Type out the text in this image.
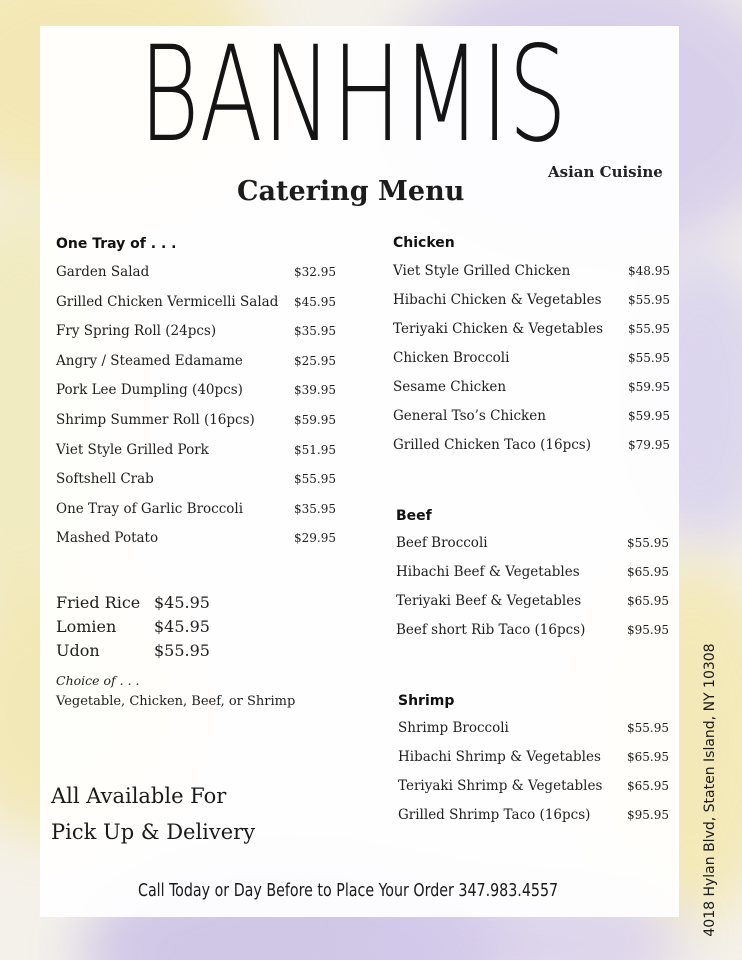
BANHMIS
Asian Cuisine
Catering Menu
One Tray of . . .
Garden Salad	$32.95
Grilled Chicken Vermicelli Salad $45.95
Fry Spring Roll (24pcs)	$35.95
Angry / Steamed Edamame	$25.95
Pork Lee Dumpling (40pcs)	$39.95
Shrimp Summer Roll (16pcs)	$59.95
Viet Style Grilled Pork	$51.95
Softshell Crab	$55.95
One Tray of Garlic Broccoli	$35.95
Mashed Potato	$29.95
Fried Rice $45.95
Lomien $45.95
Udon	$55.95
Choice of . . .
Vegetable, Chicken, Beef, or Shrimp
Chicken
Viet Style Grilled Chicken	$48.95
Hibachi Chicken & Vegetables $55.95
Teriyaki Chicken & Vegetables $55.95
Chicken Broccoli	$55.95
Sesame Chicken	$59.95
General Tso’s Chicken	$59.95
Grilled Chicken Taco (16pcs)	$79.95
Beef
Beef Broccoli	$55.95
Hibachi Beef & Vegetables	$65.95
Teriyaki Beef & Vegetables	$65.95
Beef short Rib Taco (16pcs)	$95.95
Shrimp
Shrimp Broccoli	$55.95
Hibachi Shrimp & Vegetables $65.95
Teriyaki Shrimp & Vegetables $65.95
Grilled Shrimp Taco (16pcs)	$95.95
All Available For
Pick Up & Delivery
Call Today or Day Before to Place Your Order 347.983.4557	4018 Hylan Blvd, Staten Island, NY 10308
